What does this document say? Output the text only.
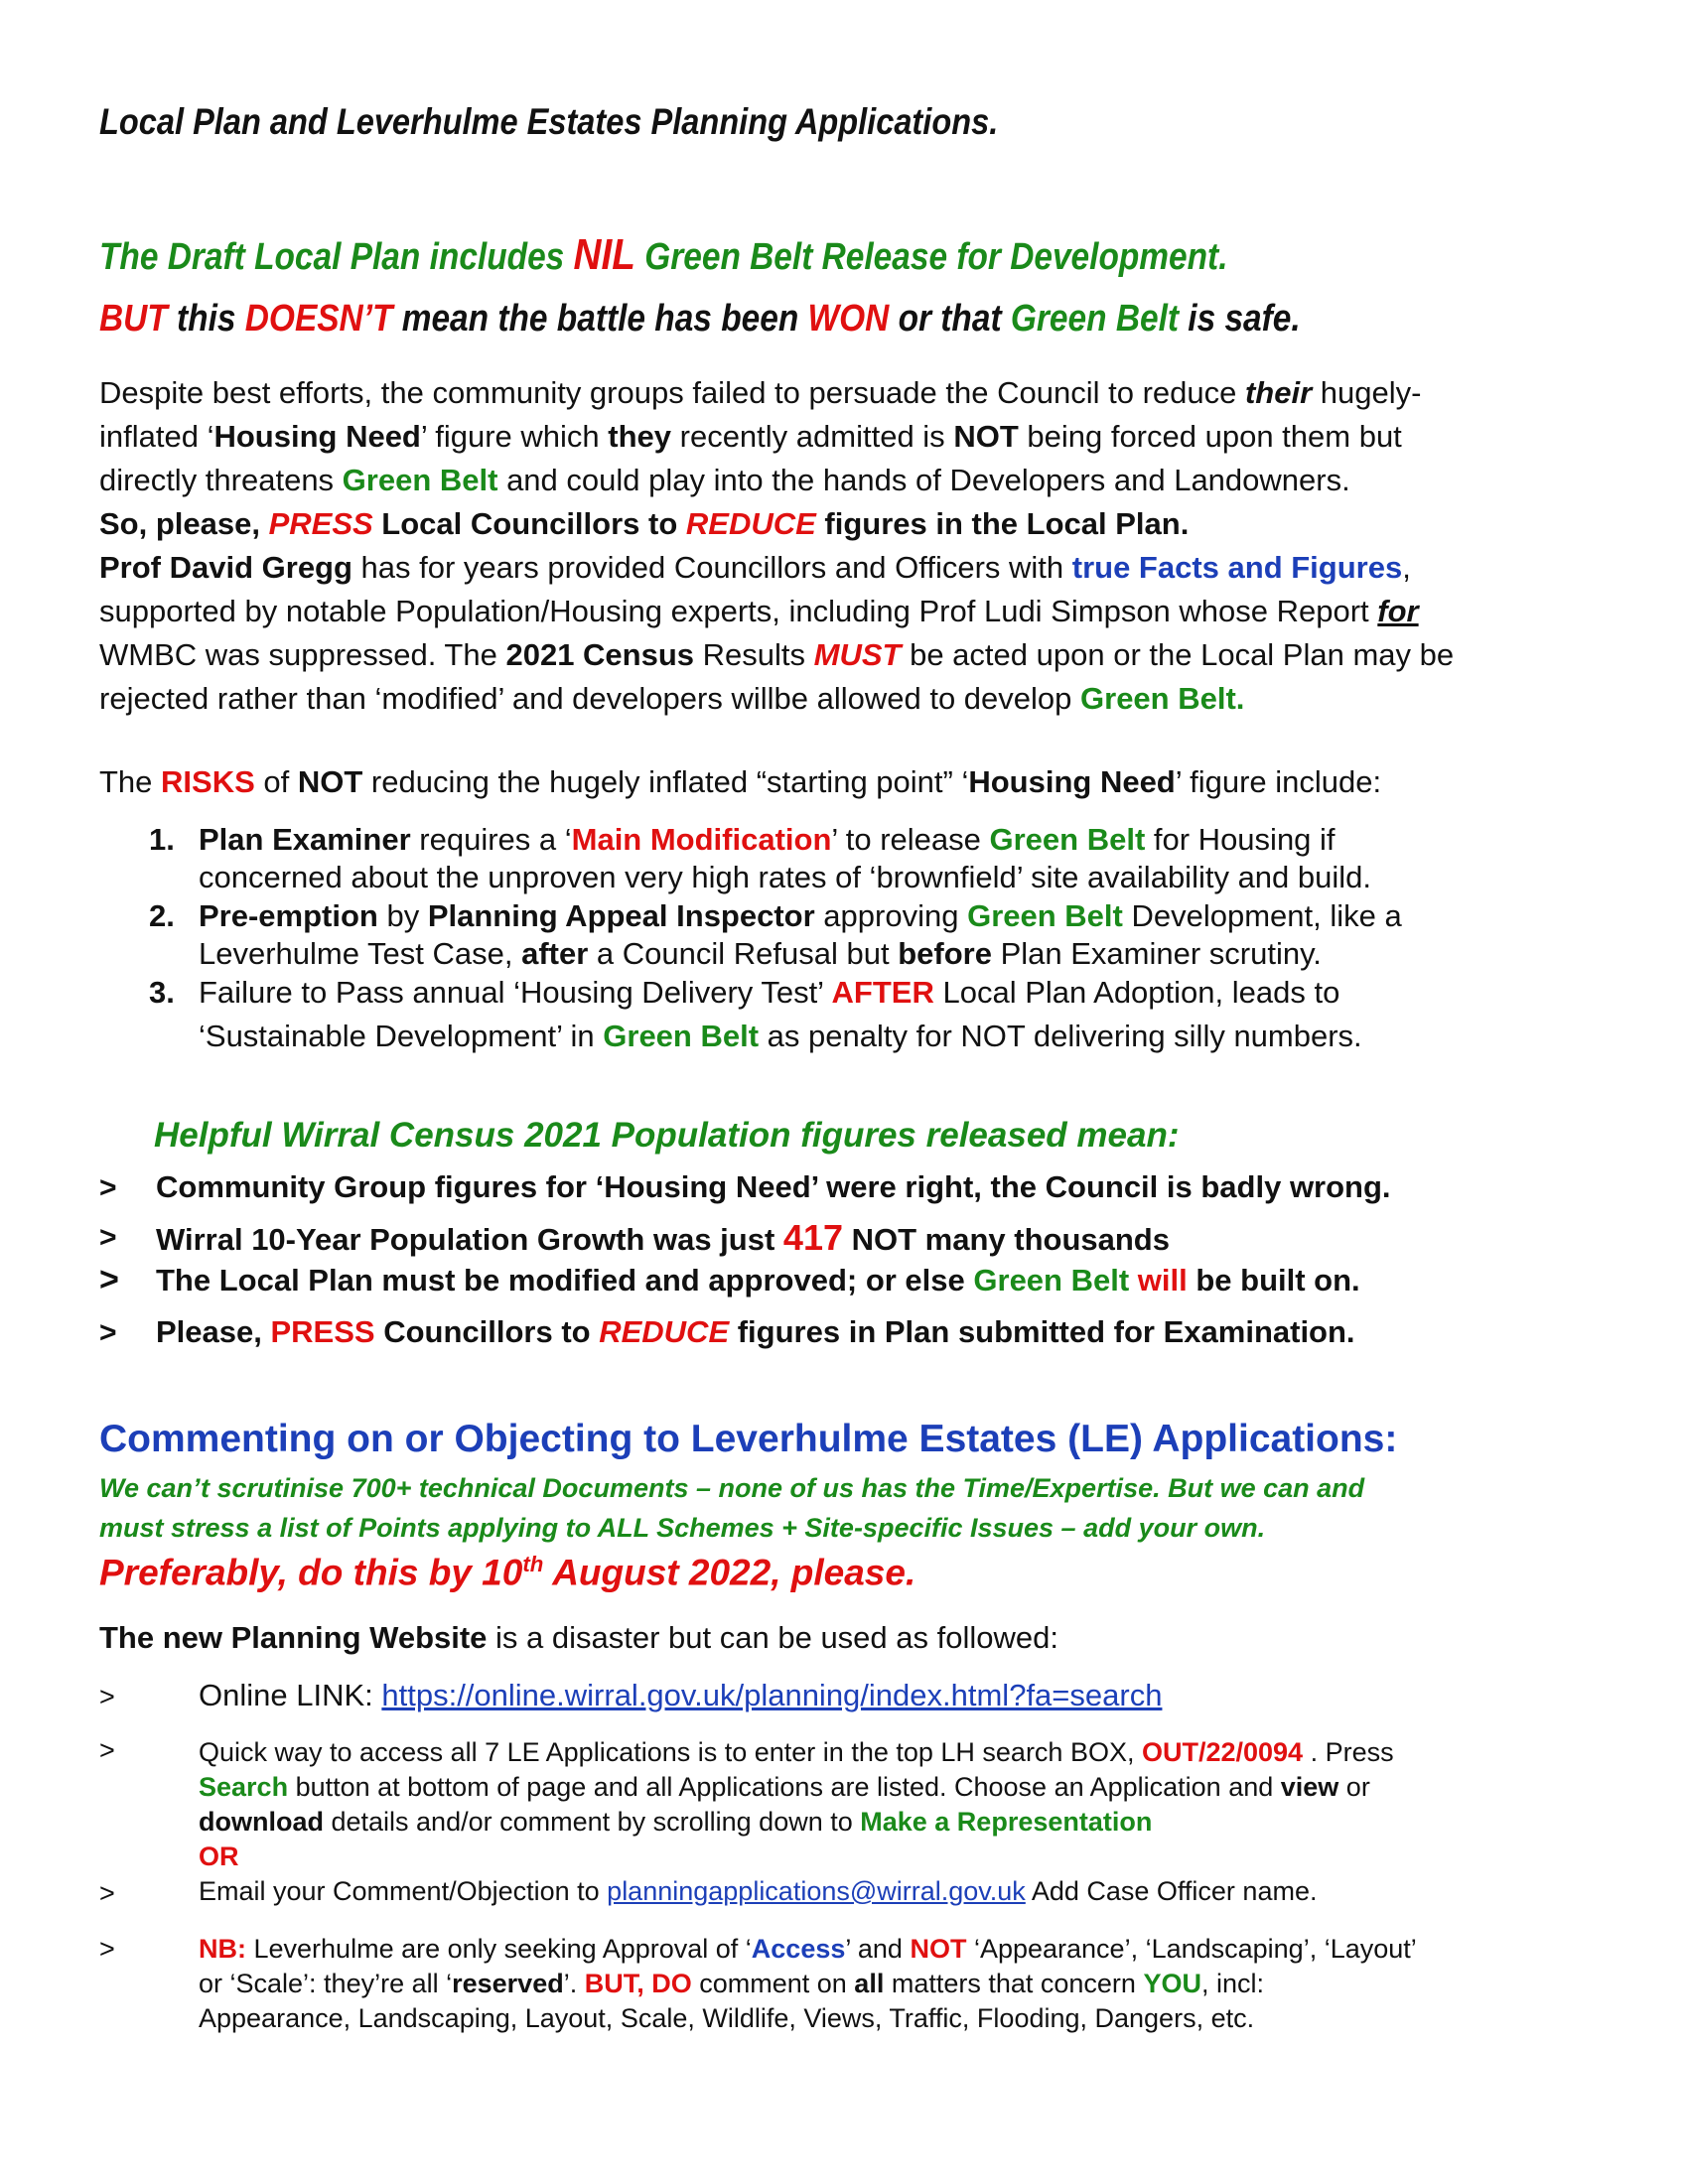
Local Plan and Leverhulme Estates Planning Applications.
The Draft Local Plan includes NIL Green Belt Release for Development.
BUT this DOESN’T mean the battle has been WON or that Green Belt is safe.
Despite best efforts, the community groups failed to persuade the Council to reduce their hugely-
inflated ‘Housing Need’ figure which they recently admitted is NOT being forced upon them but
directly threatens Green Belt and could play into the hands of Developers and Landowners.
So, please, PRESS Local Councillors to REDUCE figures in the Local Plan.
Prof David Gregg has for years provided Councillors and Officers with true Facts and Figures,
supported by notable Population/Housing experts, including Prof Ludi Simpson whose Report for
WMBC was suppressed. The 2021 Census Results MUST be acted upon or the Local Plan may be
rejected rather than ‘modified’ and developers willbe allowed to develop Green Belt.
The RISKS of NOT reducing the hugely inflated “starting point” ‘Housing Need’ figure include:
1. Plan Examiner requires a ‘Main Modification’ to release Green Belt for Housing if
concerned about the unproven very high rates of ‘brownfield’ site availability and build.
2. Pre-emption by Planning Appeal Inspector approving Green Belt Development, like a
Leverhulme Test Case, after a Council Refusal but before Plan Examiner scrutiny.
3. Failure to Pass annual ‘Housing Delivery Test’ AFTER Local Plan Adoption, leads to
‘Sustainable Development’ in Green Belt as penalty for NOT delivering silly numbers.
Helpful Wirral Census 2021 Population figures released mean:
> Community Group figures for ‘Housing Need’ were right, the Council is badly wrong.
> Wirral 10-Year Population Growth was just 417 NOT many thousands
> The Local Plan must be modified and approved; or else Green Belt will be built on.
> Please, PRESS Councillors to REDUCE figures in Plan submitted for Examination.
Commenting on or Objecting to Leverhulme Estates (LE) Applications:
We can’t scrutinise 700+ technical Documents – none of us has the Time/Expertise. But we can and
must stress a list of Points applying to ALL Schemes + Site-specific Issues – add your own.
Preferably, do this by 10th August 2022, please.
The new Planning Website is a disaster but can be used as followed:
>	Online LINK: https://online.wirral.gov.uk/planning/index.html?fa=search
>	Quick way to access all 7 LE Applications is to enter in the top LH search BOX, OUT/22/0094 . Press
Search button at bottom of page and all Applications are listed. Choose an Application and view or
download details and/or comment by scrolling down to Make a Representation
OR
>	Email your Comment/Objection to planningapplications@wirral.gov.uk Add Case Officer name.
>	NB: Leverhulme are only seeking Approval of ‘Access’ and NOT ‘Appearance’, ‘Landscaping’, ‘Layout’
or ‘Scale’: they’re all ‘reserved’. BUT, DO comment on all matters that concern YOU, incl:
Appearance, Landscaping, Layout, Scale, Wildlife, Views, Traffic, Flooding, Dangers, etc.
